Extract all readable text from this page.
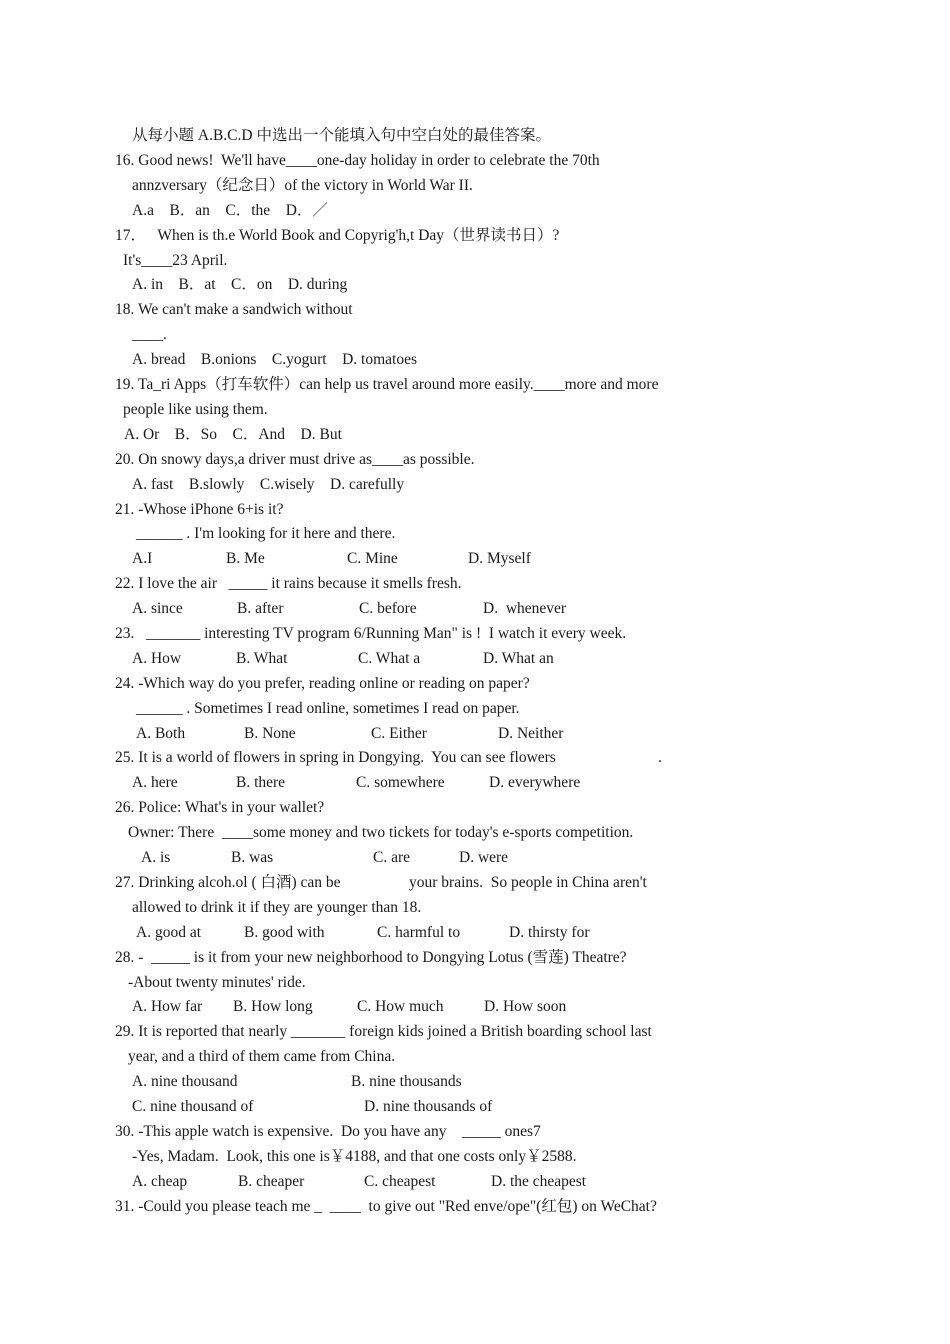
从每小题 A.B.C.D 中选出一个能填入句中空白处的最佳答案。
16. Good news!  We'll have____one-day holiday in order to celebrate the 70th
annzversary（纪念日）of the victory in World War II.
A.a    B．an    C．the    D．／
17．   When is th.e World Book and Copyrig'h,t Day（世界读书日）?
It's____23 April.
A. in    B．at    C．on    D. during
18. We can't make a sandwich without
____.
A. bread    B.onions    C.yogurt    D. tomatoes
19. Ta_ri Apps（打车软件）can help us travel around more easily.____more and more
people like using them.
A. Or    B．So    C．And    D. But
20. On snowy days,a driver must drive as____as possible.
A. fast    B.slowly    C.wisely    D. carefully
21. -Whose iPhone 6+is it?
______ . I'm looking for it here and there.
A.I	B. Me	C. Mine	D. Myself
22. I love the air   _____ it rains because it smells fresh.
A. since	B. after	C. before	D.  whenever
23.   _______ interesting TV program 6/Running Man" is !  I watch it every week.
A. How	B. What	C. What a	D. What an
24. -Which way do you prefer, reading online or reading on paper?
______ . Sometimes I read online, sometimes I read on paper.
A. Both	B. None	C. Either	D. Neither
25. It is a world of flowers in spring in Dongying.  You can see flowers	.
A. here	B. there	C. somewhere	D. everywhere
26. Police: What's in your wallet?
Owner: There  ____some money and two tickets for today's e-sports competition.
A. is	B. was	C. are	D. were
27. Drinking alcoh.ol ( 白酒) can be	your brains.  So people in China aren't
allowed to drink it if they are younger than 18.
A. good at	B. good with	C. harmful to	D. thirsty for
28. -  _____ is it from your new neighborhood to Dongying Lotus (雪莲) Theatre?
-About twenty minutes' ride.
A. How far B. How long	C. How much	D. How soon
29. It is reported that nearly _______ foreign kids joined a British boarding school last
year, and a third of them came from China.
A. nine thousand	B. nine thousands
C. nine thousand of	D. nine thousands of
30. -This apple watch is expensive.  Do you have any    _____ ones7
-Yes, Madam.  Look, this one is￥4188, and that one costs only￥2588.
A. cheap	B. cheaper	C. cheapest	D. the cheapest
31. -Could you please teach me _  ____  to give out "Red enve/ope"(红包) on WeChat?
